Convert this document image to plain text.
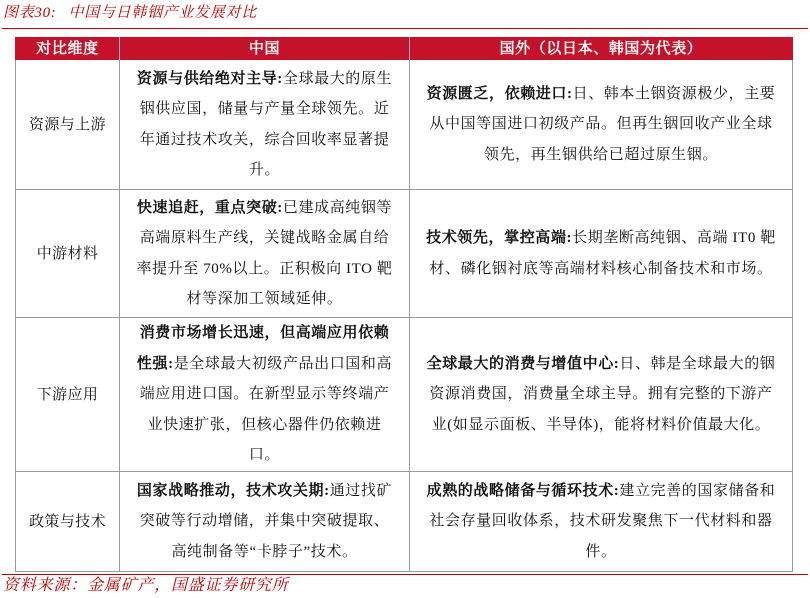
图表30: 中国与日韩铟产业发展对比
对比维度	中国	国外（以日本、韩国为代表）
资源与上游
资源与供给绝对主导:全球最大的原生铟供应国，储量与产量全球领先。近年通过技术攻关，综合回收率显著提升。
资源匮乏，依赖进口:日、韩本土铟资源极少，主要从中国等国进口初级产品。但再生铟回收产业全球领先，再生铟供给已超过原生铟。
中游材料
快速追赶，重点突破:已建成高纯铟等高端原料生产线，关键战略金属自给率提升至 70%以上。正积极向 ITO 靶材等深加工领域延伸。
技术领先，掌控高端:长期垄断高纯铟、高端 IT0 靶材、磷化铟衬底等高端材料核心制备技术和市场。
下游应用
消费市场增长迅速，但高端应用依赖性强:是全球最大初级产品出口国和高端应用进口国。在新型显示等终端产业快速扩张，但核心器件仍依赖进口。
全球最大的消费与增值中心:日、韩是全球最大的铟资源消费国，消费量全球主导。拥有完整的下游产业(如显示面板、半导体)，能将材料价值最大化。
政策与技术
国家战略推动，技术攻关期:通过找矿突破等行动增储，并集中突破提取、高纯制备等“卡脖子”技术。
成熟的战略储备与循环技术:建立完善的国家储备和社会存量回收体系，技术研发聚焦下一代材料和器件。
资料来源：金属矿产，国盛证券研究所
